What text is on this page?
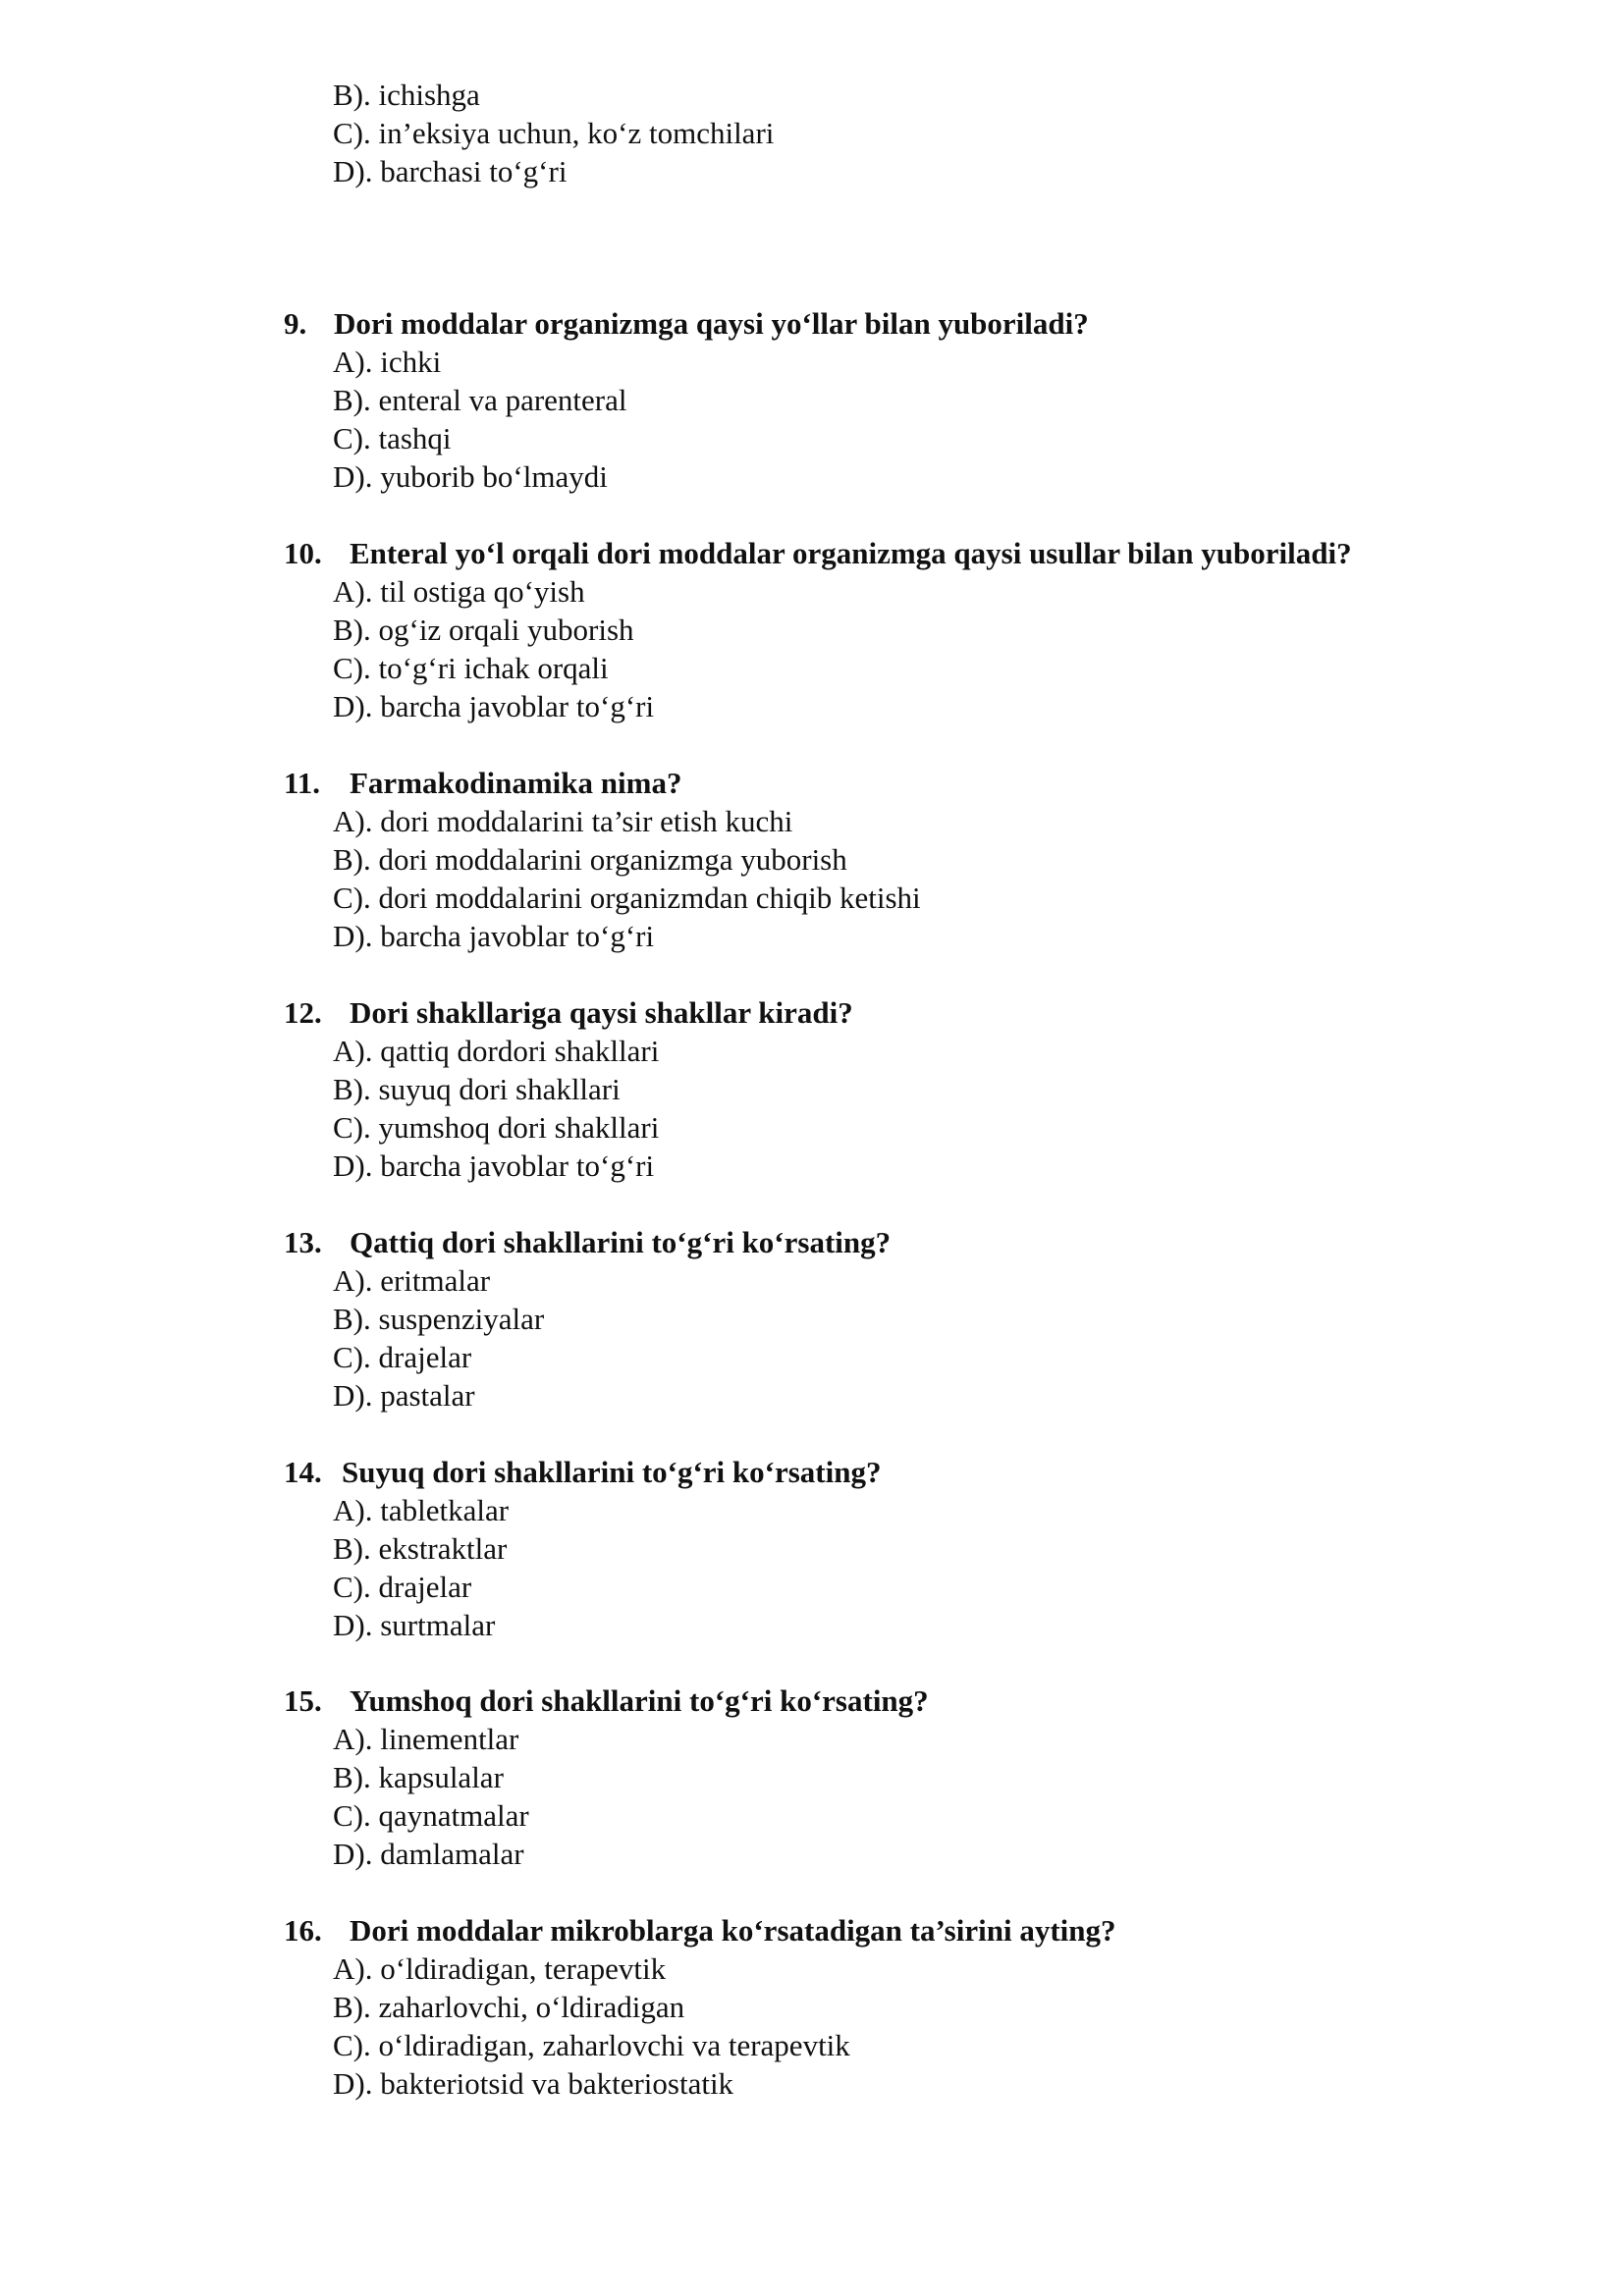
B). ichishga
C). in’eksiya uchun, ko‘z tomchilari
D). barchasi to‘g‘ri
9. Dori moddalar organizmga qaysi yo‘llar bilan yuboriladi?
A). ichki
B). enteral va parenteral
C). tashqi
D). yuborib bo‘lmaydi
10. Enteral yo‘l orqali dori moddalar organizmga qaysi usullar bilan yuboriladi?
A). til ostiga qo‘yish
B). og‘iz orqali yuborish
C). to‘g‘ri ichak orqali
D). barcha javoblar to‘g‘ri
11. Farmakodinamika nima?
A). dori moddalarini ta’sir etish kuchi
B). dori moddalarini organizmga yuborish
C). dori moddalarini organizmdan chiqib ketishi
D). barcha javoblar to‘g‘ri
12. Dori shakllariga qaysi shakllar kiradi?
A). qattiq dordori shakllari
B). suyuq dori shakllari
C). yumshoq dori shakllari
D). barcha javoblar to‘g‘ri
13. Qattiq dori shakllarini to‘g‘ri ko‘rsating?
A). eritmalar
B). suspenziyalar
C). drajelar
D). pastalar
14. Suyuq dori shakllarini to‘g‘ri ko‘rsating?
A). tabletkalar
B). ekstraktlar
C). drajelar
D). surtmalar
15. Yumshoq dori shakllarini to‘g‘ri ko‘rsating?
A). linementlar
B). kapsulalar
C). qaynatmalar
D). damlamalar
16. Dori moddalar mikroblarga ko‘rsatadigan ta’sirini ayting?
A). o‘ldiradigan, terapevtik
B). zaharlovchi, o‘ldiradigan
C). o‘ldiradigan, zaharlovchi va terapevtik
D). bakteriotsid va bakteriostatik
